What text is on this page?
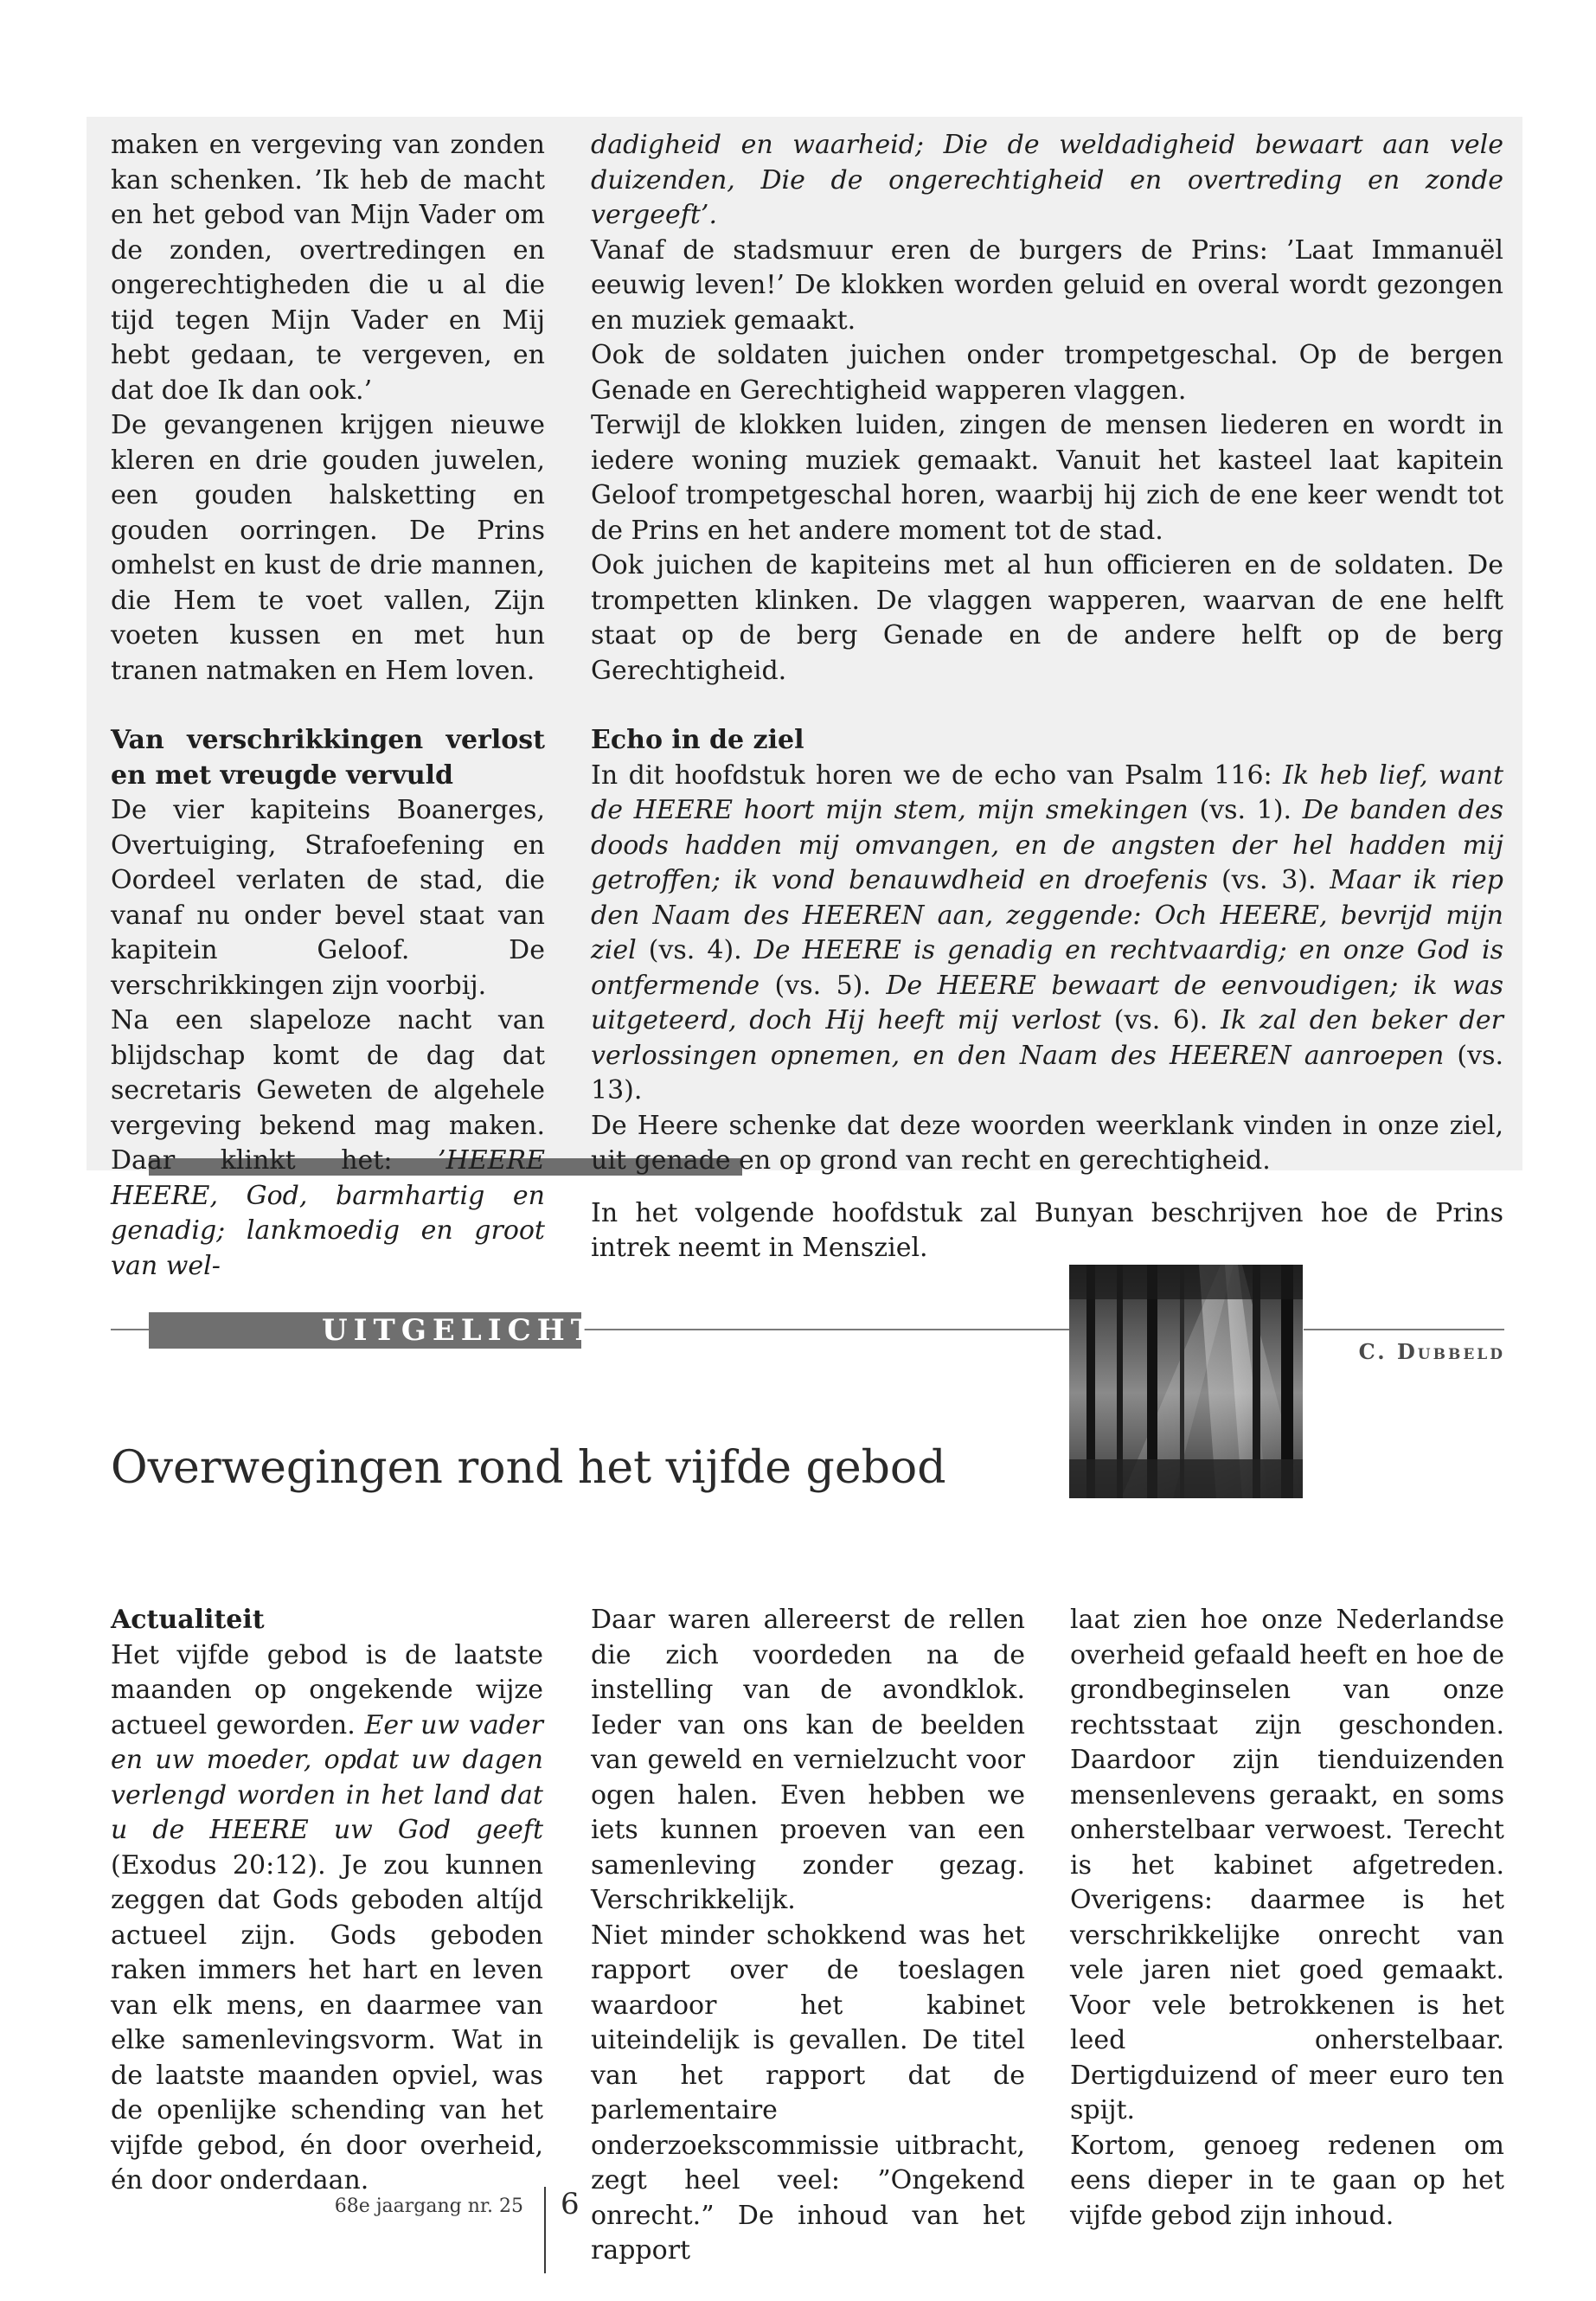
maken en vergeving van zonden kan schenken. ’Ik heb de macht en het gebod van Mijn Vader om de zonden, overtredingen en ongerechtigheden die u al die tijd tegen Mijn Vader en Mij hebt gedaan, te vergeven, en dat doe Ik dan ook.’

De gevangenen krijgen nieuwe kleren en drie gouden juwelen, een gouden halsketting en gouden oorringen. De Prins omhelst en kust de drie mannen, die Hem te voet vallen, Zijn voeten kussen en met hun tranen natmaken en Hem loven.

Van verschrikkingen verlost en met vreugde vervuld

De vier kapiteins Boanerges, Overtuiging, Strafoefening en Oordeel verlaten de stad, die vanaf nu onder bevel staat van kapitein Geloof. De verschrikkingen zijn voorbij.

Na een slapeloze nacht van blijdschap komt de dag dat secretaris Geweten de algehele vergeving bekend mag maken. Daar klinkt het: ’HEERE HEERE, God, barmhartig en genadig; lankmoedig en groot van wel-

dadigheid en waarheid; Die de weldadigheid bewaart aan vele duizenden, Die de ongerechtigheid en overtreding en zonde vergeeft’.

Vanaf de stadsmuur eren de burgers de Prins: ’Laat Immanuël eeuwig leven!’ De klokken worden geluid en overal wordt gezongen en muziek gemaakt.

Ook de soldaten juichen onder trompetgeschal. Op de bergen Genade en Gerechtigheid wapperen vlaggen.

Terwijl de klokken luiden, zingen de mensen liederen en wordt in iedere woning muziek gemaakt. Vanuit het kasteel laat kapitein Geloof trompetgeschal horen, waarbij hij zich de ene keer wendt tot de Prins en het andere moment tot de stad.

Ook juichen de kapiteins met al hun officieren en de soldaten. De trompetten klinken. De vlaggen wapperen, waarvan de ene helft staat op de berg Genade en de andere helft op de berg Gerechtigheid.

Echo in de ziel

In dit hoofdstuk horen we de echo van Psalm 116: Ik heb lief, want de HEERE hoort mijn stem, mijn smekingen (vs. 1). De banden des doods hadden mij omvangen, en de angsten der hel hadden mij getroffen; ik vond benauwdheid en droefenis (vs. 3). Maar ik riep den Naam des HEEREN aan, zeggende: Och HEERE, bevrijd mijn ziel (vs. 4). De HEERE is genadig en rechtvaardig; en onze God is ontfermende (vs. 5). De HEERE bewaart de eenvoudigen; ik was uitgeteerd, doch Hij heeft mij verlost (vs. 6). Ik zal den beker der verlossingen opnemen, en den Naam des HEEREN aanroepen (vs. 13).

De Heere schenke dat deze woorden weerklank vinden in onze ziel, uit genade en op grond van recht en gerechtigheid.

In het volgende hoofdstuk zal Bunyan beschrijven hoe de Prins intrek neemt in Mensziel.

UITGELICHT
C. Dubbeld
Overwegingen rond het vijfde gebod

Actualiteit

Het vijfde gebod is de laatste maanden op ongekende wijze actueel geworden. Eer uw vader en uw moeder, opdat uw dagen verlengd worden in het land dat u de HEERE uw God geeft (Exodus 20:12). Je zou kunnen zeggen dat Gods geboden altíjd actueel zijn. Gods geboden raken immers het hart en leven van elk mens, en daarmee van elke samenlevingsvorm. Wat in de laatste maanden opviel, was de openlijke schending van het vijfde gebod, én door overheid, én door onderdaan.

Daar waren allereerst de rellen die zich voordeden na de instelling van de avondklok. Ieder van ons kan de beelden van geweld en vernielzucht voor ogen halen. Even hebben we iets kunnen proeven van een samenleving zonder gezag. Verschrikkelijk.

Niet minder schokkend was het rapport over de toeslagen waardoor het kabinet uiteindelijk is gevallen. De titel van het rapport dat de parlementaire onderzoekscommissie uitbracht, zegt heel veel: ”Ongekend onrecht.” De inhoud van het rapport

laat zien hoe onze Nederlandse overheid gefaald heeft en hoe de grondbeginselen van onze rechtsstaat zijn geschonden. Daardoor zijn tienduizenden mensenlevens geraakt, en soms onherstelbaar verwoest. Terecht is het kabinet afgetreden. Overigens: daarmee is het verschrikkelijke onrecht van vele jaren niet goed gemaakt. Voor vele betrokkenen is het leed onherstelbaar. Dertigduizend of meer euro ten spijt.

Kortom, genoeg redenen om eens dieper in te gaan op het vijfde gebod zijn inhoud.

68e jaargang nr. 25 6
